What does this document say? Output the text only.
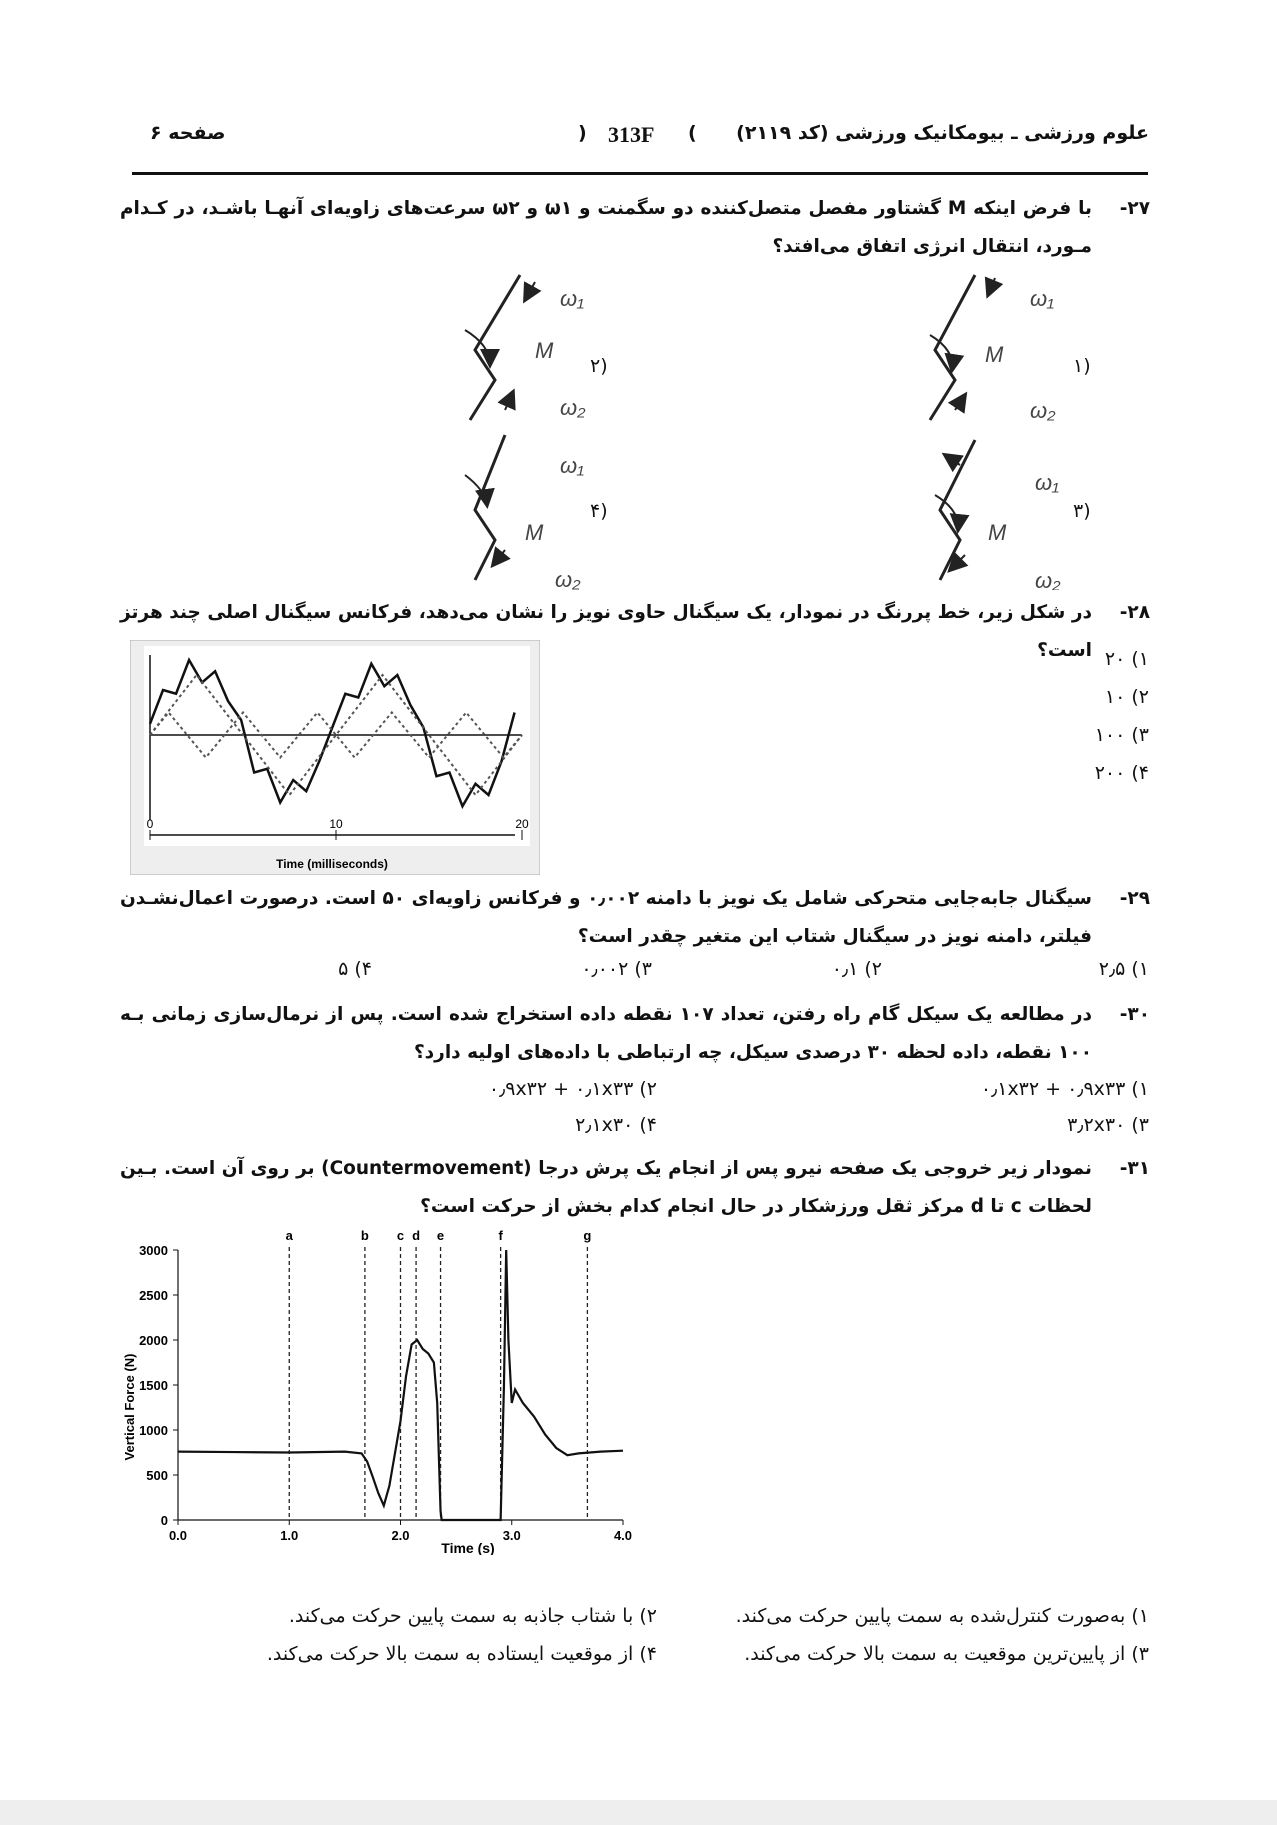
علوم ورزشی ـ بیومکانیک ورزشی (کد ۲۱۱۹)
) 313F (
صفحه ۶
۲۷-
با فرض اینکه M گشتاور مفصل متصل‌کننده دو سگمنت و ω۱ و ω۲ سرعت‌های زاویه‌ای آنهـا باشـد، در کـدام مـورد، انتقال انرژی اتفاق می‌افتد؟
ω₁
M
ω₂
ω₁
M
ω₂
ω₁
M
ω₂
ω₁
M
ω₂
۱)
۲)
۳)
۴)
۲۸-
در شکل زیر، خط پررنگ در نمودار، یک سیگنال حاوی نویز را نشان می‌دهد، فرکانس سیگنال اصلی چند هرتز است؟ ۱) ۲۰
۲) ۱۰
۳) ۱۰۰
۴) ۲۰۰
0	10	20
Time (milliseconds)
۲۹-
سیگنال جابه‌جایی متحرکی شامل یک نویز با دامنه ۰٫۰۰۲ و فرکانس زاویه‌ای ۵۰ است. درصورت اعمال‌نشـدن فیلتر، دامنه نویز در سیگنال شتاب این متغیر چقدر است؟
۱) ۲٫۵
۲) ۰٫۱
۳) ۰٫۰۰۲
۴) ۵
۳۰-
در مطالعه یک سیکل گام راه رفتن، تعداد ۱۰۷ نقطه داده استخراج شده است. پس از نرمال‌سازی زمانی بـه ۱۰۰ نقطه، داده لحظه ۳۰ درصدی سیکل، چه ارتباطی با داده‌های اولیه دارد؟
۱) ۰٫۱x۳۲ + ۰٫۹x۳۳
۲) ۰٫۹x۳۲ + ۰٫۱x۳۳
۳) ۳٫۲x۳۰
۴) ۲٫۱x۳۰
۳۱-
نمودار زیر خروجی یک صفحه نیرو پس از انجام یک پرش درجا (Countermovement) بر روی آن است. بـین لحظات c تا d مرکز ثقل ورزشکار در حال انجام کدام بخش از حرکت است؟
0
500
1000
1500
2000
2500
3000
0.0	1.0	2.0	3.0	4.0
a	b c d e	f	g
Time (s)
Vertical Force (N)
۱) به‌صورت کنترل‌شده به سمت پایین حرکت می‌کند.
۲) با شتاب جاذبه به سمت پایین حرکت می‌کند.
۳) از پایین‌ترین موقعیت به سمت بالا حرکت می‌کند.
۴) از موقعیت ایستاده به سمت بالا حرکت می‌کند.
